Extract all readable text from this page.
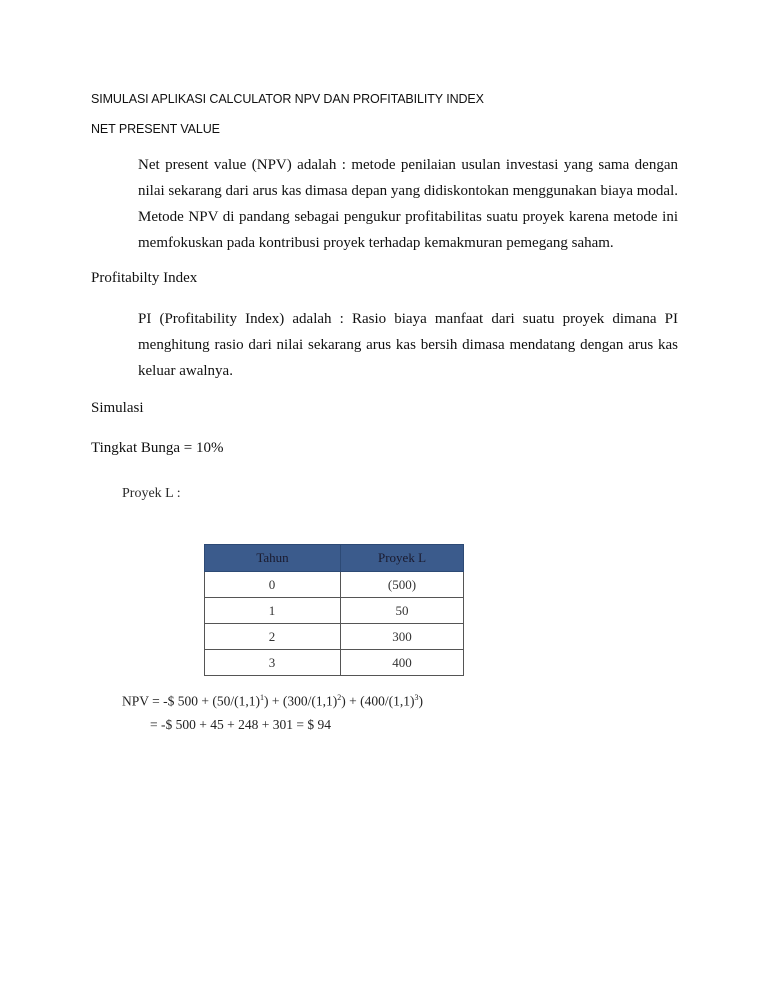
SIMULASI APLIKASI CALCULATOR NPV DAN PROFITABILITY INDEX
NET PRESENT VALUE
Net present value (NPV) adalah : metode penilaian usulan investasi yang sama dengan nilai sekarang dari arus kas dimasa depan yang didiskontokan menggunakan biaya modal. Metode NPV di pandang sebagai pengukur profitabilitas suatu proyek karena metode ini memfokuskan pada kontribusi proyek terhadap kemakmuran pemegang saham.
Profitabilty Index
PI (Profitability Index) adalah : Rasio biaya manfaat dari suatu proyek dimana PI menghitung rasio dari nilai sekarang arus kas bersih dimasa mendatang dengan arus kas keluar awalnya.
Simulasi
Tingkat Bunga = 10%
Proyek L :
Tahun	Proyek L
0	(500)
1	50
2	300
3	400
NPV = -$ $500 + (50/(1,1)^1) + (300/(1,1)^2) + (400/(1,1)^3)$
= -$ 500 + 45 + 248 + 301 = $ 94
